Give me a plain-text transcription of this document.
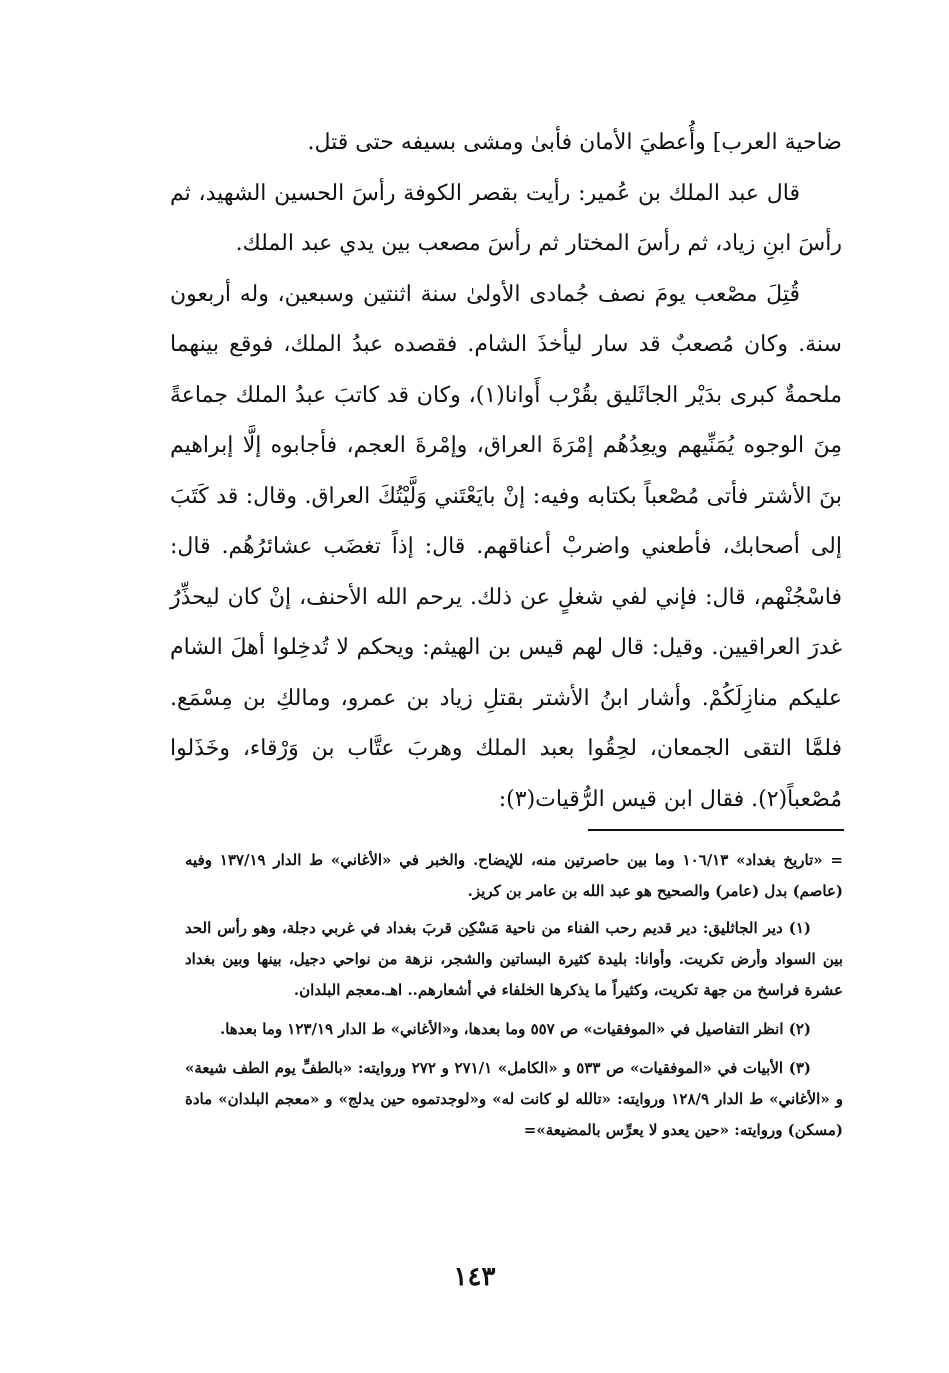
ضاحية العرب] وأُعطيَ الأمان فأبىٰ ومشى بسيفه حتى قتل.

قال عبد الملك بن عُمير: رأيت بقصر الكوفة رأسَ الحسين الشهيد، ثم رأسَ ابنِ زياد، ثم رأسَ المختار ثم رأسَ مصعب بين يدي عبد الملك.

قُتِلَ مصْعب يومَ نصف جُمادى الأولىٰ سنة اثنتين وسبعين، وله أربعون سنة. وكان مُصعبٌ قد سار ليأخذَ الشام. فقصده عبدُ الملك، فوقع بينهما ملحمةٌ كبرى بدَيْر الجاثَليق بقُرْب أَوانا(١)، وكان قد كاتبَ عبدُ الملك جماعةً مِنَ الوجوه يُمَنِّيهم ويعِدُهُم إمْرَةَ العراق، وإمْرةَ العجم، فأجابوه إلَّا إبراهيم بنَ الأشتر فأتى مُصْعباً بكتابه وفيه: إنْ بايَعْتَني وَلَّيْتُكَ العراق. وقال: قد كَتَبَ إلى أصحابك، فأطعني واضربْ أعناقهم. قال: إذاً تغضَب عشائرُهُم. قال: فاسْجُنْهم، قال: فإني لفي شغلٍ عن ذلك. يرحم الله الأحنف، إنْ كان ليحذِّرُ غدرَ العراقيين. وقيل: قال لهم قيس بن الهيثم: ويحكم لا تُدخِلوا أهلَ الشام عليكم منازِلَكُمْ. وأشار ابنُ الأشتر بقتلِ زياد بن عمرو، ومالكِ بن مِسْمَع. فلمَّا التقى الجمعان، لحِقُوا بعبد الملك وهربَ عتَّاب بن وَرْقاء، وخَذَلوا مُصْعباً(٢). فقال ابن قيس الرُّقيات(٣):

= «تاريخ بغداد» ١٠٦/١٣ وما بين حاصرتين منه، للإيضاح. والخبر في «الأغاني» ط الدار ١٣٧/١٩ وفيه (عاصم) بدل (عامر) والصحيح هو عبد الله بن عامر بن كريز.

(١) دير الجاثليق: دير قديم رحب الفناء من ناحية مَسْكِن قربَ بغداد في غربي دجلة، وهو رأس الحد بين السواد وأرض تكريت. وأوانا: بليدة كثيرة البساتين والشجر، نزهة من نواحي دجيل، بينها وبين بغداد عشرة فراسخ من جهة تكريت، وكثيراً ما يذكرها الخلفاء في أشعارهم.. اهـ.معجم البلدان.

(٢) انظر التفاصيل في «الموفقيات» ص ٥٥٧ وما بعدها، و«الأغاني» ط الدار ١٢٣/١٩ وما بعدها.

(٣) الأبيات في «الموفقيات» ص ٥٣٣ و «الكامل» ٢٧١/١ و ٢٧٢ وروايته: «بالطفِّ يوم الطف شيعة» و «الأغاني» ط الدار ١٢٨/٩ وروايته: «تالله لو كانت له» و«لوجدتموه حين يدلج» و «معجم البلدان» مادة (مسكن) وروايته: «حين يعدو لا يعرِّس بالمضيعة»=

١٤٣
